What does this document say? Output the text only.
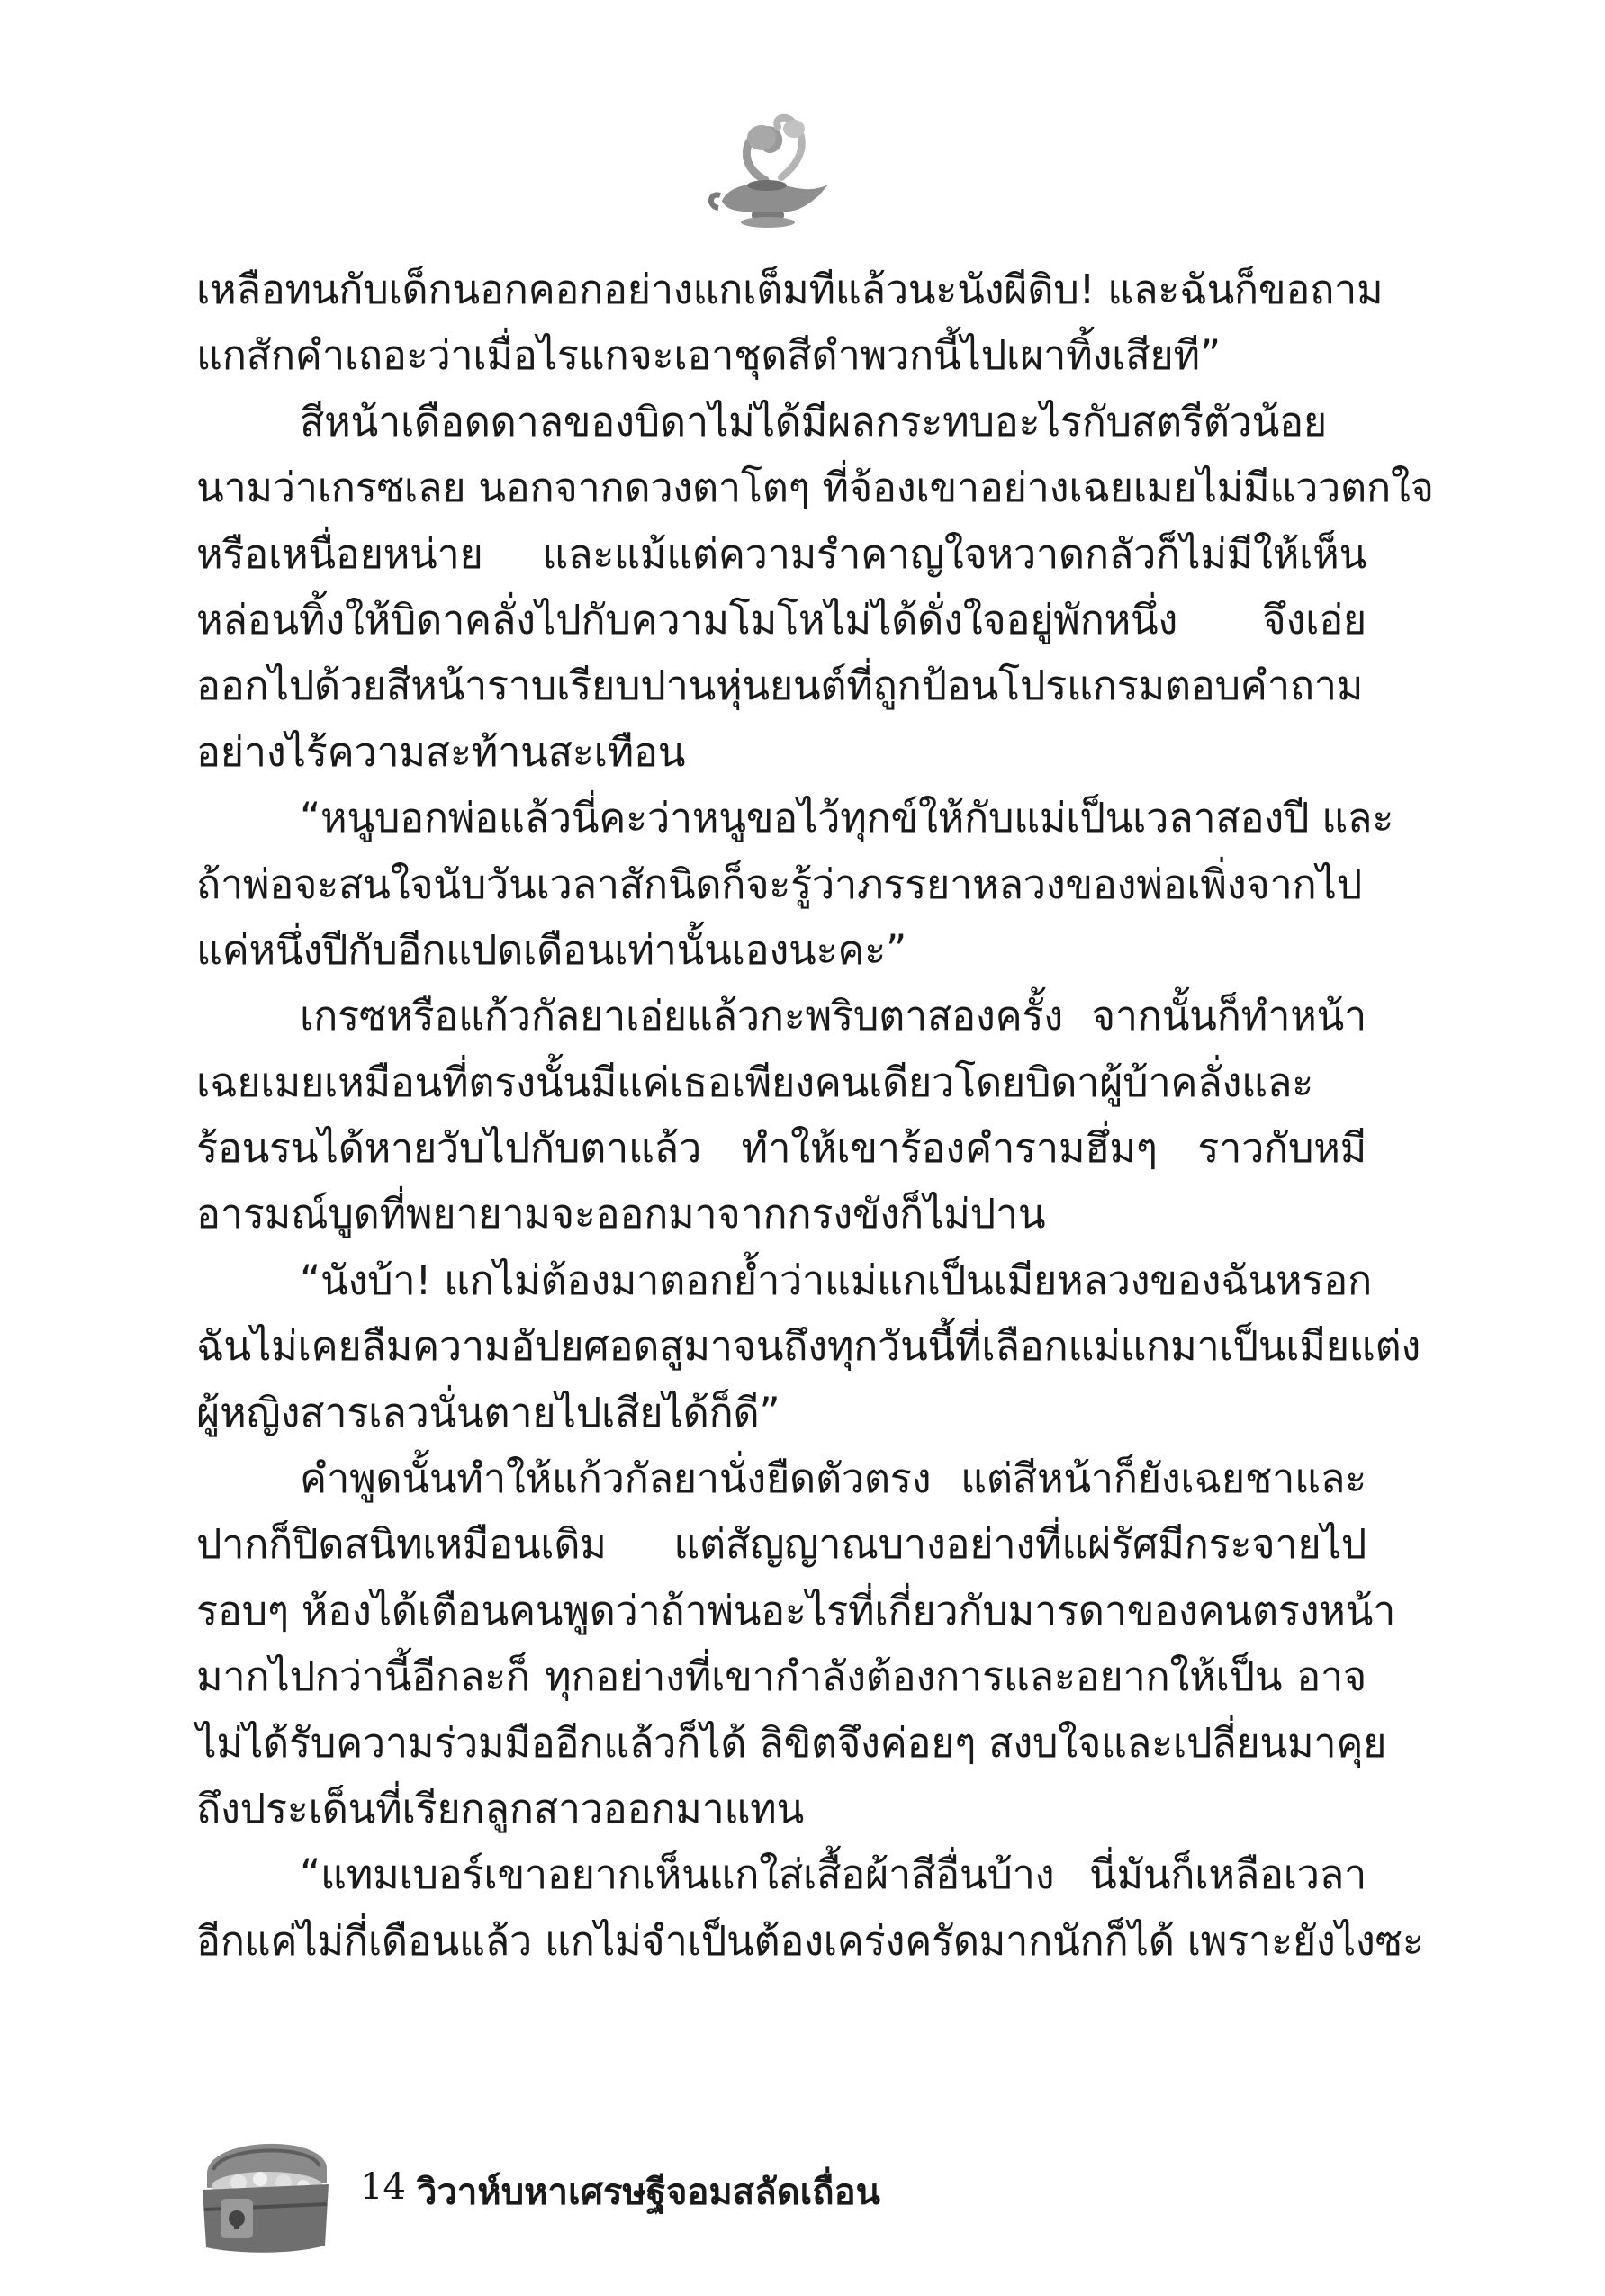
เหลือทนกับเด็กนอกคอกอย่างแกเต็มทีแล้วนะนังผีดิบ! และฉันก็ขอถาม
แกสักคำเถอะว่าเมื่อไรแกจะเอาชุดสีดำพวกนี้ไปเผาทิ้งเสียที”
สีหน้าเดือดดาลของบิดาไม่ได้มีผลกระทบอะไรกับสตรีตัวน้อย
นามว่าเกรซเลย นอกจากดวงตาโตๆ ที่จ้องเขาอย่างเฉยเมยไม่มีแววตกใจ
หรือเหนื่อยหน่าย และแม้แต่ความรำคาญใจหวาดกลัวก็ไม่มีให้เห็น
หล่อนทิ้งให้บิดาคลั่งไปกับความโมโหไม่ได้ดั่งใจอยู่พักหนึ่ง จึงเอ่ย
ออกไปด้วยสีหน้าราบเรียบปานหุ่นยนต์ที่ถูกป้อนโปรแกรมตอบคำถาม
อย่างไร้ความสะท้านสะเทือน
“หนูบอกพ่อแล้วนี่คะว่าหนูขอไว้ทุกข์ให้กับแม่เป็นเวลาสองปี และ
ถ้าพ่อจะสนใจนับวันเวลาสักนิดก็จะรู้ว่าภรรยาหลวงของพ่อเพิ่งจากไป
แค่หนึ่งปีกับอีกแปดเดือนเท่านั้นเองนะคะ”
เกรซหรือแก้วกัลยาเอ่ยแล้วกะพริบตาสองครั้ง จากนั้นก็ทำหน้า
เฉยเมยเหมือนที่ตรงนั้นมีแค่เธอเพียงคนเดียวโดยบิดาผู้บ้าคลั่งและ
ร้อนรนได้หายวับไปกับตาแล้ว ทำให้เขาร้องคำรามฮึ่มๆ ราวกับหมี
อารมณ์บูดที่พยายามจะออกมาจากกรงขังก็ไม่ปาน
“นังบ้า! แกไม่ต้องมาตอกย้ำว่าแม่แกเป็นเมียหลวงของฉันหรอก
ฉันไม่เคยลืมความอัปยศอดสูมาจนถึงทุกวันนี้ที่เลือกแม่แกมาเป็นเมียแต่ง
ผู้หญิงสารเลวนั่นตายไปเสียได้ก็ดี”
คำพูดนั้นทำให้แก้วกัลยานั่งยืดตัวตรง แต่สีหน้าก็ยังเฉยชาและ
ปากก็ปิดสนิทเหมือนเดิม แต่สัญญาณบางอย่างที่แผ่รัศมีกระจายไป
รอบๆ ห้องได้เตือนคนพูดว่าถ้าพ่นอะไรที่เกี่ยวกับมารดาของคนตรงหน้า
มากไปกว่านี้อีกละก็ ทุกอย่างที่เขากำลังต้องการและอยากให้เป็น อาจ
ไม่ได้รับความร่วมมืออีกแล้วก็ได้ ลิขิตจึงค่อยๆ สงบใจและเปลี่ยนมาคุย
ถึงประเด็นที่เรียกลูกสาวออกมาแทน
“แทมเบอร์เขาอยากเห็นแกใส่เสื้อผ้าสีอื่นบ้าง นี่มันก็เหลือเวลา
อีกแค่ไม่กี่เดือนแล้ว แกไม่จำเป็นต้องเคร่งครัดมากนักก็ได้ เพราะยังไงซะ
14 วิวาห์บหาเศรษฐีจอมสลัดเถื่อน
